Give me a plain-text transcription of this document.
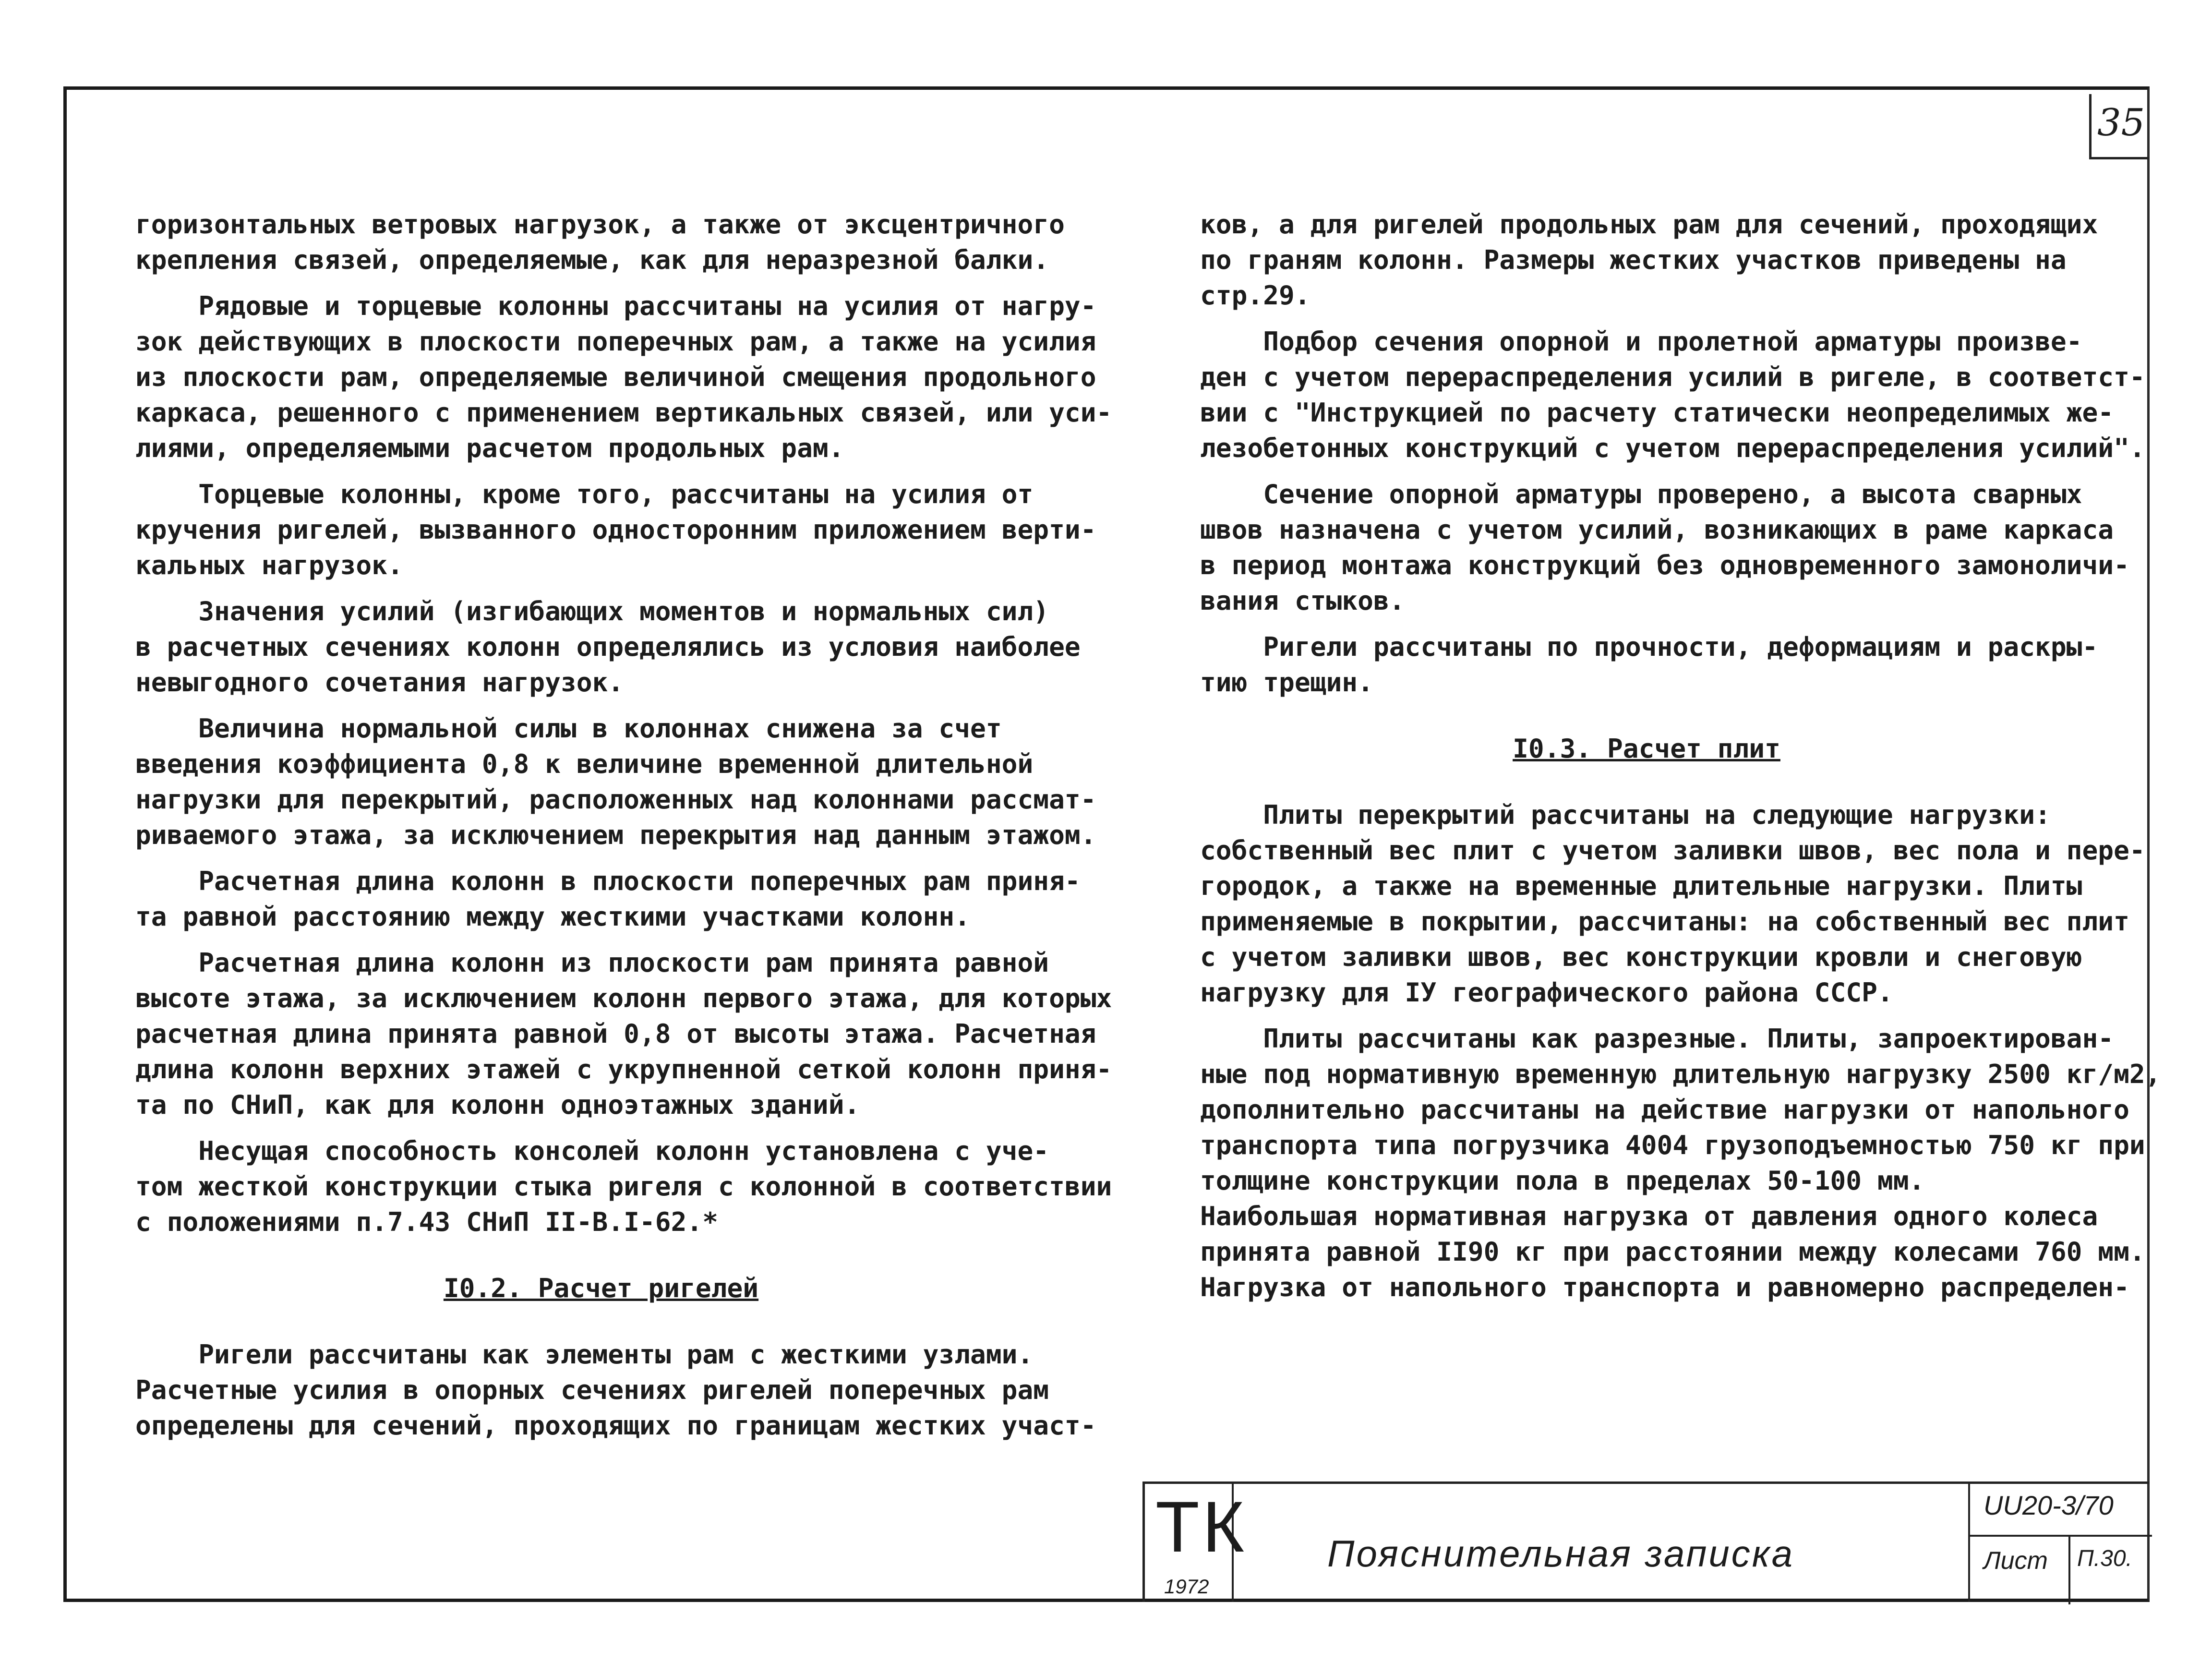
35

горизонтальных ветровых нагрузок, а также от эксцентричного
крепления связей, определяемые, как для неразрезной балки.

Рядовые и торцевые колонны рассчитаны на усилия от нагру-
зок действующих в плоскости поперечных рам, а также на усилия
из плоскости рам, определяемые величиной смещения продольного
каркаса, решенного с применением вертикальных связей, или уси-
лиями, определяемыми расчетом продольных рам.

Торцевые колонны, кроме того, рассчитаны на усилия от
кручения ригелей, вызванного односторонним приложением верти-
кальных нагрузок.

Значения усилий (изгибающих моментов и нормальных сил)
в расчетных сечениях колонн определялись из условия наиболее
невыгодного сочетания нагрузок.

Величина нормальной силы в колоннах снижена за счет
введения коэффициента 0,8 к величине временной длительной
нагрузки для перекрытий, расположенных над колоннами рассмат-
риваемого этажа, за исключением перекрытия над данным этажом.

Расчетная длина колонн в плоскости поперечных рам приня-
та равной расстоянию между жесткими участками колонн.

Расчетная длина колонн из плоскости рам принята равной
высоте этажа, за исключением колонн первого этажа, для которых
расчетная длина принята равной 0,8 от высоты этажа. Расчетная
длина колонн верхних этажей с укрупненной сеткой колонн приня-
та по СНиП, как для колонн одноэтажных зданий.

Несущая способность консолей колонн установлена с уче-
том жесткой конструкции стыка ригеля с колонной в соответствии
с положениями п.7.43 СНиП II-В.I-62.*

I0.2. Расчет ригелей

Ригели рассчитаны как элементы рам с жесткими узлами.
Расчетные усилия в опорных сечениях ригелей поперечных рам
определены для сечений, проходящих по границам жестких участ-

ков, а для ригелей продольных рам для сечений, проходящих
по граням колонн. Размеры жестких участков приведены на
стр.29.

Подбор сечения опорной и пролетной арматуры произве-
ден с учетом перераспределения усилий в ригеле, в соответст-
вии с "Инструкцией по расчету статически неопределимых же-
лезобетонных конструкций с учетом перераспределения усилий".

Сечение опорной арматуры проверено, а высота сварных
швов назначена с учетом усилий, возникающих в раме каркаса
в период монтажа конструкций без одновременного замоноличи-
вания стыков.

Ригели рассчитаны по прочности, деформациям и раскры-
тию трещин.

I0.3. Расчет плит

Плиты перекрытий рассчитаны на следующие нагрузки:
собственный вес плит с учетом заливки швов, вес пола и пере-
городок, а также на временные длительные нагрузки. Плиты
применяемые в покрытии, рассчитаны: на собственный вес плит
с учетом заливки швов, вес конструкции кровли и снеговую
нагрузку для IУ географического района СССР.

Плиты рассчитаны как разрезные. Плиты, запроектирован-
ные под нормативную временную длительную нагрузку 2500 кг/м2,
дополнительно рассчитаны на действие нагрузки от напольного
транспорта типа погрузчика 4004 грузоподъемностью 750 кг при
толщине конструкции пола в пределах 50-100 мм.
Наибольшая нормативная нагрузка от давления одного колеса
принята равной II90 кг при расстоянии между колесами 760 мм.
Нагрузка от напольного транспорта и равномерно распределен-

ТК
1972
Пояснительная записка
UU20-3/70
Лист	П.30.
